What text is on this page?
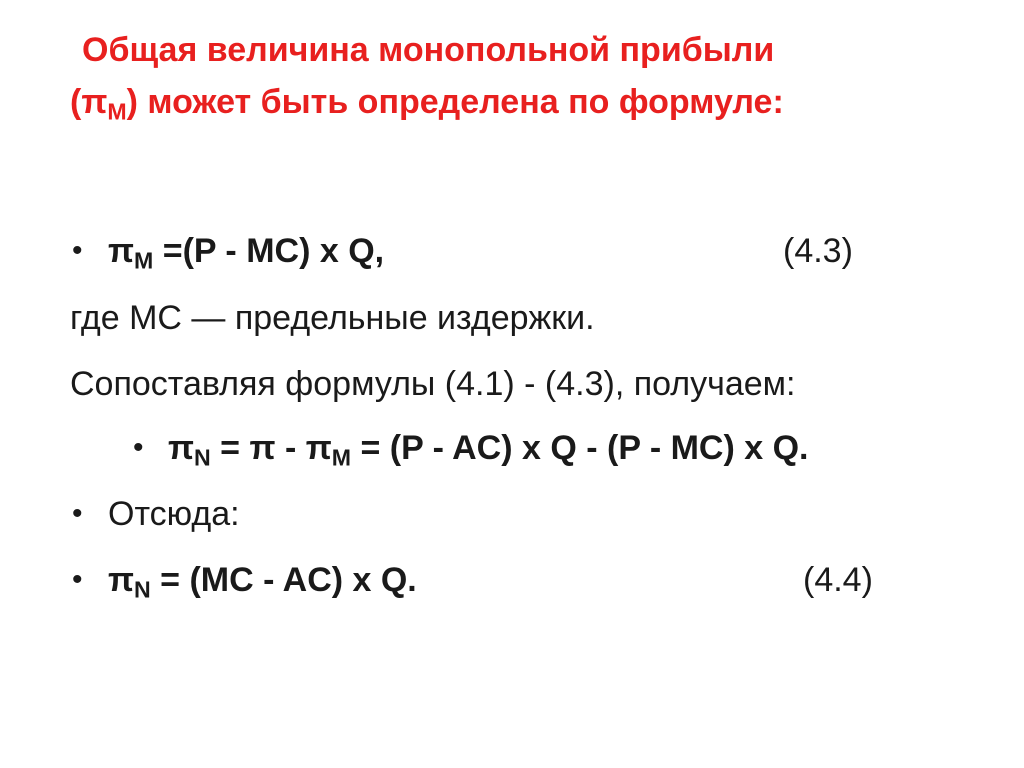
Общая величина монопольной прибыли
$(\pi_M)$ может быть определена по формуле:
• $\pi_M =(P - MC)$ x Q,	(4.3)
где МС — предельные издержки.
Сопоставляя формулы (4.1) - (4.3), получаем:
• $\pi_N = \pi - \pi_M = (P - AC)$ x Q - (P - MC) x Q.
• Отсюда:
• $\pi_N = (MC - AC)$ x Q.	(4.4)
